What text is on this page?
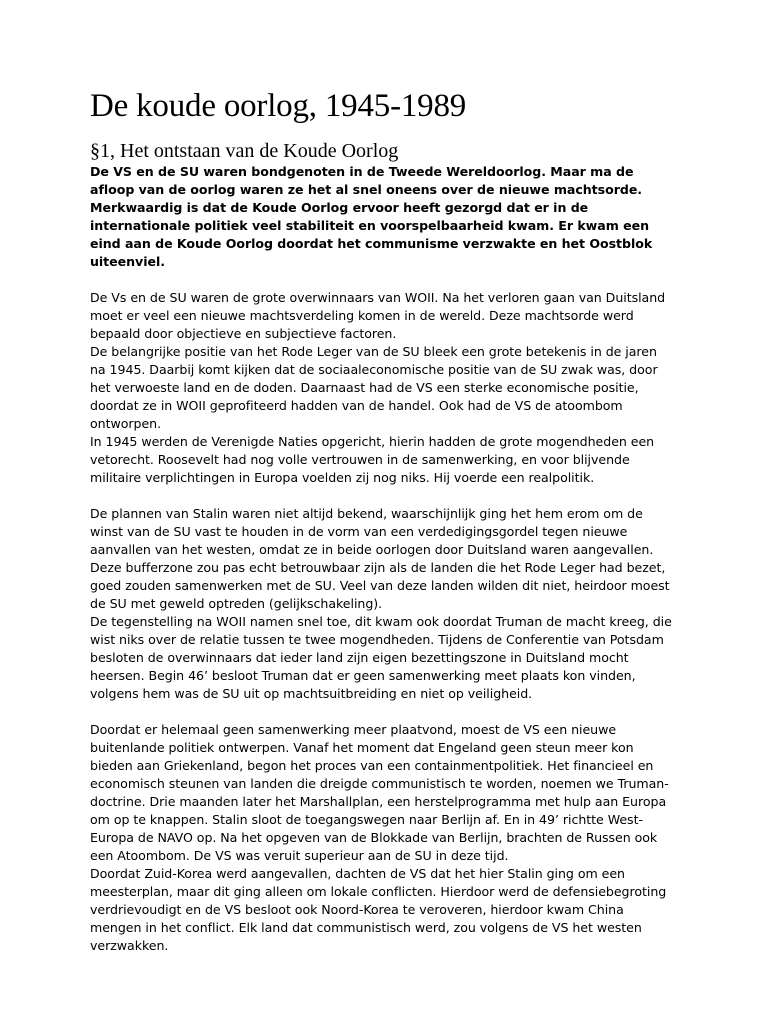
De koude oorlog, 1945-1989
§1, Het ontstaan van de Koude Oorlog

De VS en de SU waren bondgenoten in de Tweede Wereldoorlog. Maar ma de afloop van de oorlog waren ze het al snel oneens over de nieuwe machtsorde. Merkwaardig is dat de Koude Oorlog ervoor heeft gezorgd dat er in de internationale politiek veel stabiliteit en voorspelbaarheid kwam. Er kwam een eind aan de Koude Oorlog doordat het communisme verzwakte en het Oostblok uiteenviel.

De Vs en de SU waren de grote overwinnaars van WOII. Na het verloren gaan van Duitsland moet er veel een nieuwe machtsverdeling komen in de wereld. Deze machtsorde werd bepaald door objectieve en subjectieve factoren.

De belangrijke positie van het Rode Leger van de SU bleek een grote betekenis in de jaren na 1945. Daarbij komt kijken dat de sociaaleconomische positie van de SU zwak was, door het verwoeste land en de doden. Daarnaast had de VS een sterke economische positie, doordat ze in WOII geprofiteerd hadden van de handel. Ook had de VS de atoombom ontworpen.

In 1945 werden de Verenigde Naties opgericht, hierin hadden de grote mogendheden een vetorecht. Roosevelt had nog volle vertrouwen in de samenwerking, en voor blijvende militaire verplichtingen in Europa voelden zij nog niks. Hij voerde een realpolitik.

De plannen van Stalin waren niet altijd bekend, waarschijnlijk ging het hem erom om de winst van de SU vast te houden in de vorm van een verdedigingsgordel tegen nieuwe aanvallen van het westen, omdat ze in beide oorlogen door Duitsland waren aangevallen. Deze bufferzone zou pas echt betrouwbaar zijn als de landen die het Rode Leger had bezet, goed zouden samenwerken met de SU. Veel van deze landen wilden dit niet, heirdoor moest de SU met geweld optreden (gelijkschakeling).

De tegenstelling na WOII namen snel toe, dit kwam ook doordat Truman de macht kreeg, die wist niks over de relatie tussen te twee mogendheden. Tijdens de Conferentie van Potsdam besloten de overwinnaars dat ieder land zijn eigen bezettingszone in Duitsland mocht heersen. Begin 46’ besloot Truman dat er geen samenwerking meet plaats kon vinden, volgens hem was de SU uit op machtsuitbreiding en niet op veiligheid.

Doordat er helemaal geen samenwerking meer plaatvond, moest de VS een nieuwe buitenlande politiek ontwerpen. Vanaf het moment dat Engeland geen steun meer kon bieden aan Griekenland, begon het proces van een containmentpolitiek. Het financieel en economisch steunen van landen die dreigde communistisch te worden, noemen we Truman-doctrine. Drie maanden later het Marshallplan, een herstelprogramma met hulp aan Europa om op te knappen. Stalin sloot de toegangswegen naar Berlijn af. En in 49’ richtte West-Europa de NAVO op. Na het opgeven van de Blokkade van Berlijn, brachten de Russen ook een Atoombom. De VS was veruit superieur aan de SU in deze tijd.

Doordat Zuid-Korea werd aangevallen, dachten de VS dat het hier Stalin ging om een meesterplan, maar dit ging alleen om lokale conflicten. Hierdoor werd de defensiebegroting verdrievoudigt en de VS besloot ook Noord-Korea te veroveren, hierdoor kwam China mengen in het conflict. Elk land dat communistisch werd, zou volgens de VS het westen verzwakken.
